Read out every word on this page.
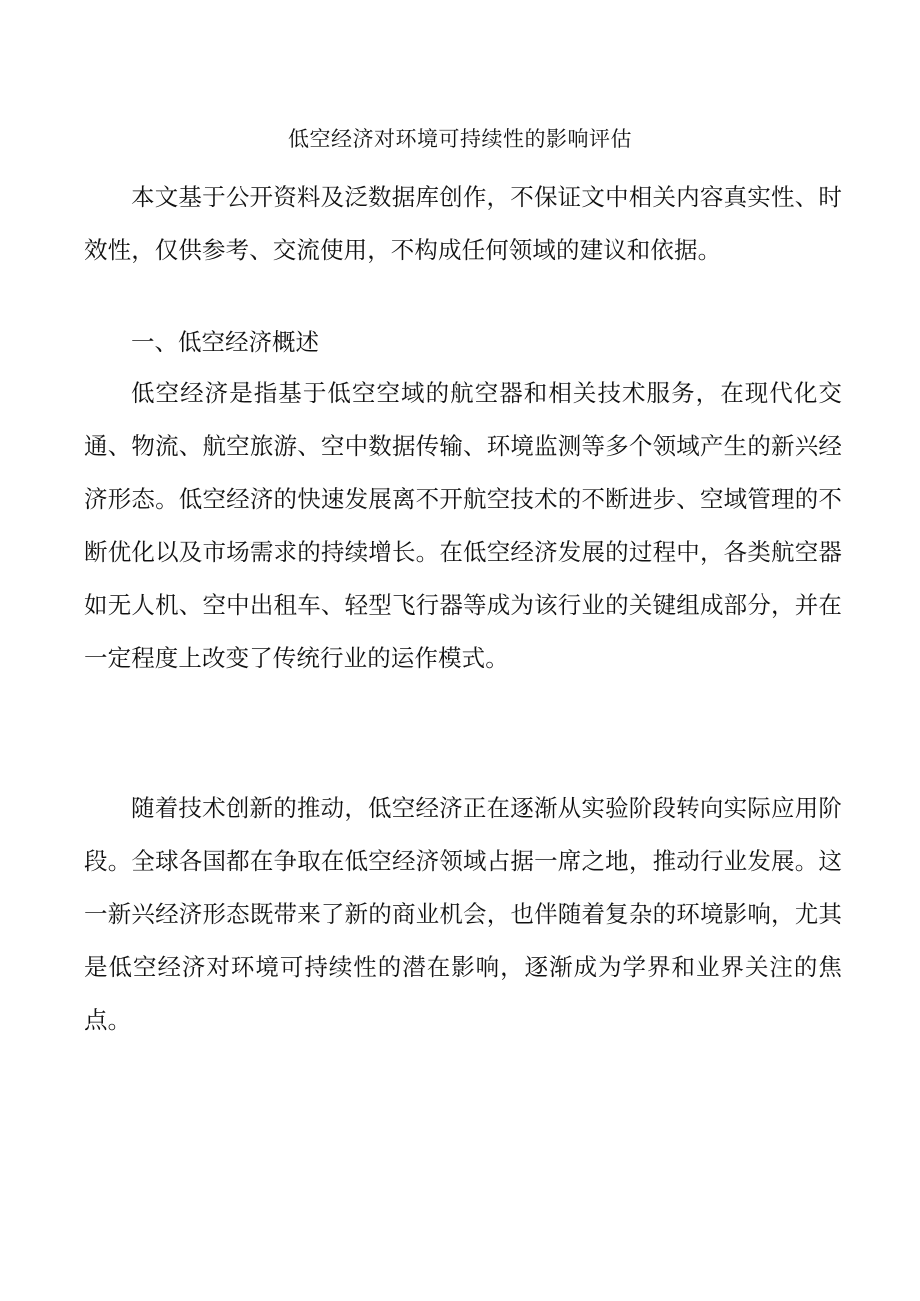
低空经济对环境可持续性的影响评估

本文基于公开资料及泛数据库创作，不保证文中相关内容真实性、时效性，仅供参考、交流使用，不构成任何领域的建议和依据。

一、低空经济概述

低空经济是指基于低空空域的航空器和相关技术服务，在现代化交通、物流、航空旅游、空中数据传输、环境监测等多个领域产生的新兴经济形态。低空经济的快速发展离不开航空技术的不断进步、空域管理的不断优化以及市场需求的持续增长。在低空经济发展的过程中，各类航空器如无人机、空中出租车、轻型飞行器等成为该行业的关键组成部分，并在一定程度上改变了传统行业的运作模式。

随着技术创新的推动，低空经济正在逐渐从实验阶段转向实际应用阶段。全球各国都在争取在低空经济领域占据一席之地，推动行业发展。这一新兴经济形态既带来了新的商业机会，也伴随着复杂的环境影响，尤其是低空经济对环境可持续性的潜在影响，逐渐成为学界和业界关注的焦点。
